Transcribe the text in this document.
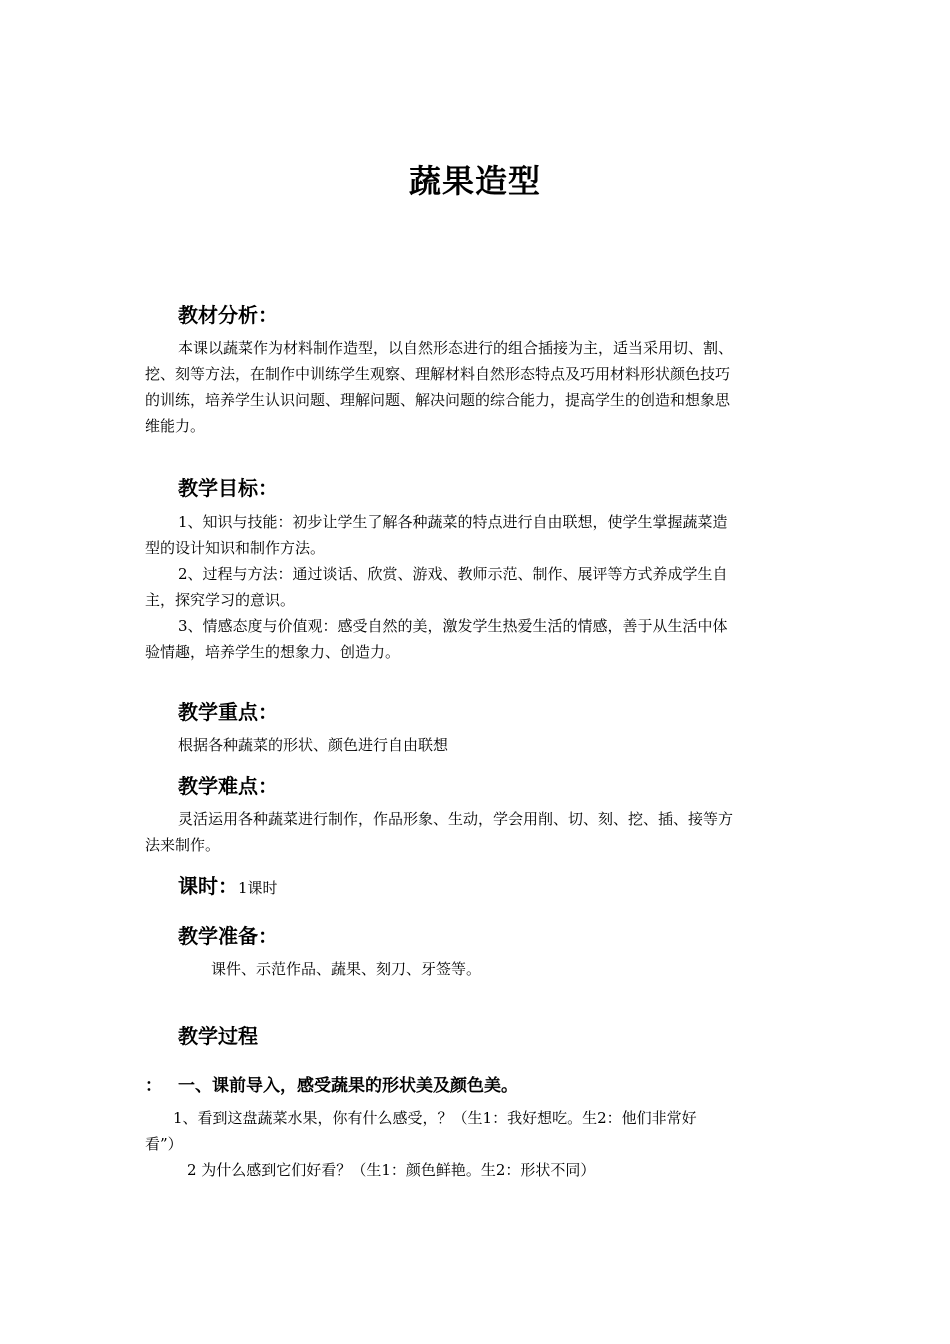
蔬果造型
教材分析：
本课以蔬菜作为材料制作造型，以自然形态进行的组合插接为主，适当采用切、割、
挖、刻等方法，在制作中训练学生观察、理解材料自然形态特点及巧用材料形状颜色技巧
的训练，培养学生认识问题、理解问题、解决问题的综合能力，提高学生的创造和想象思
维能力。
教学目标：
1、知识与技能：初步让学生了解各种蔬菜的特点进行自由联想，使学生掌握蔬菜造
型的设计知识和制作方法。
2、过程与方法：通过谈话、欣赏、游戏、教师示范、制作、展评等方式养成学生自
主，探究学习的意识。
3、情感态度与价值观：感受自然的美，激发学生热爱生活的情感，善于从生活中体
验情趣，培养学生的想象力、创造力。
教学重点：
根据各种蔬菜的形状、颜色进行自由联想
教学难点：
灵活运用各种蔬菜进行制作，作品形象、生动，学会用削、切、刻、挖、插、接等方
法来制作。
课时：1课时
教学准备：
课件、示范作品、蔬果、刻刀、牙签等。
教学过程
： 一、课前导入，感受蔬果的形状美及颜色美。
1、看到这盘蔬菜水果，你有什么感受，？（生1：我好想吃。生2：他们非常好
看”）
2 为什么感到它们好看？（生1：颜色鲜艳。生2：形状不同）
